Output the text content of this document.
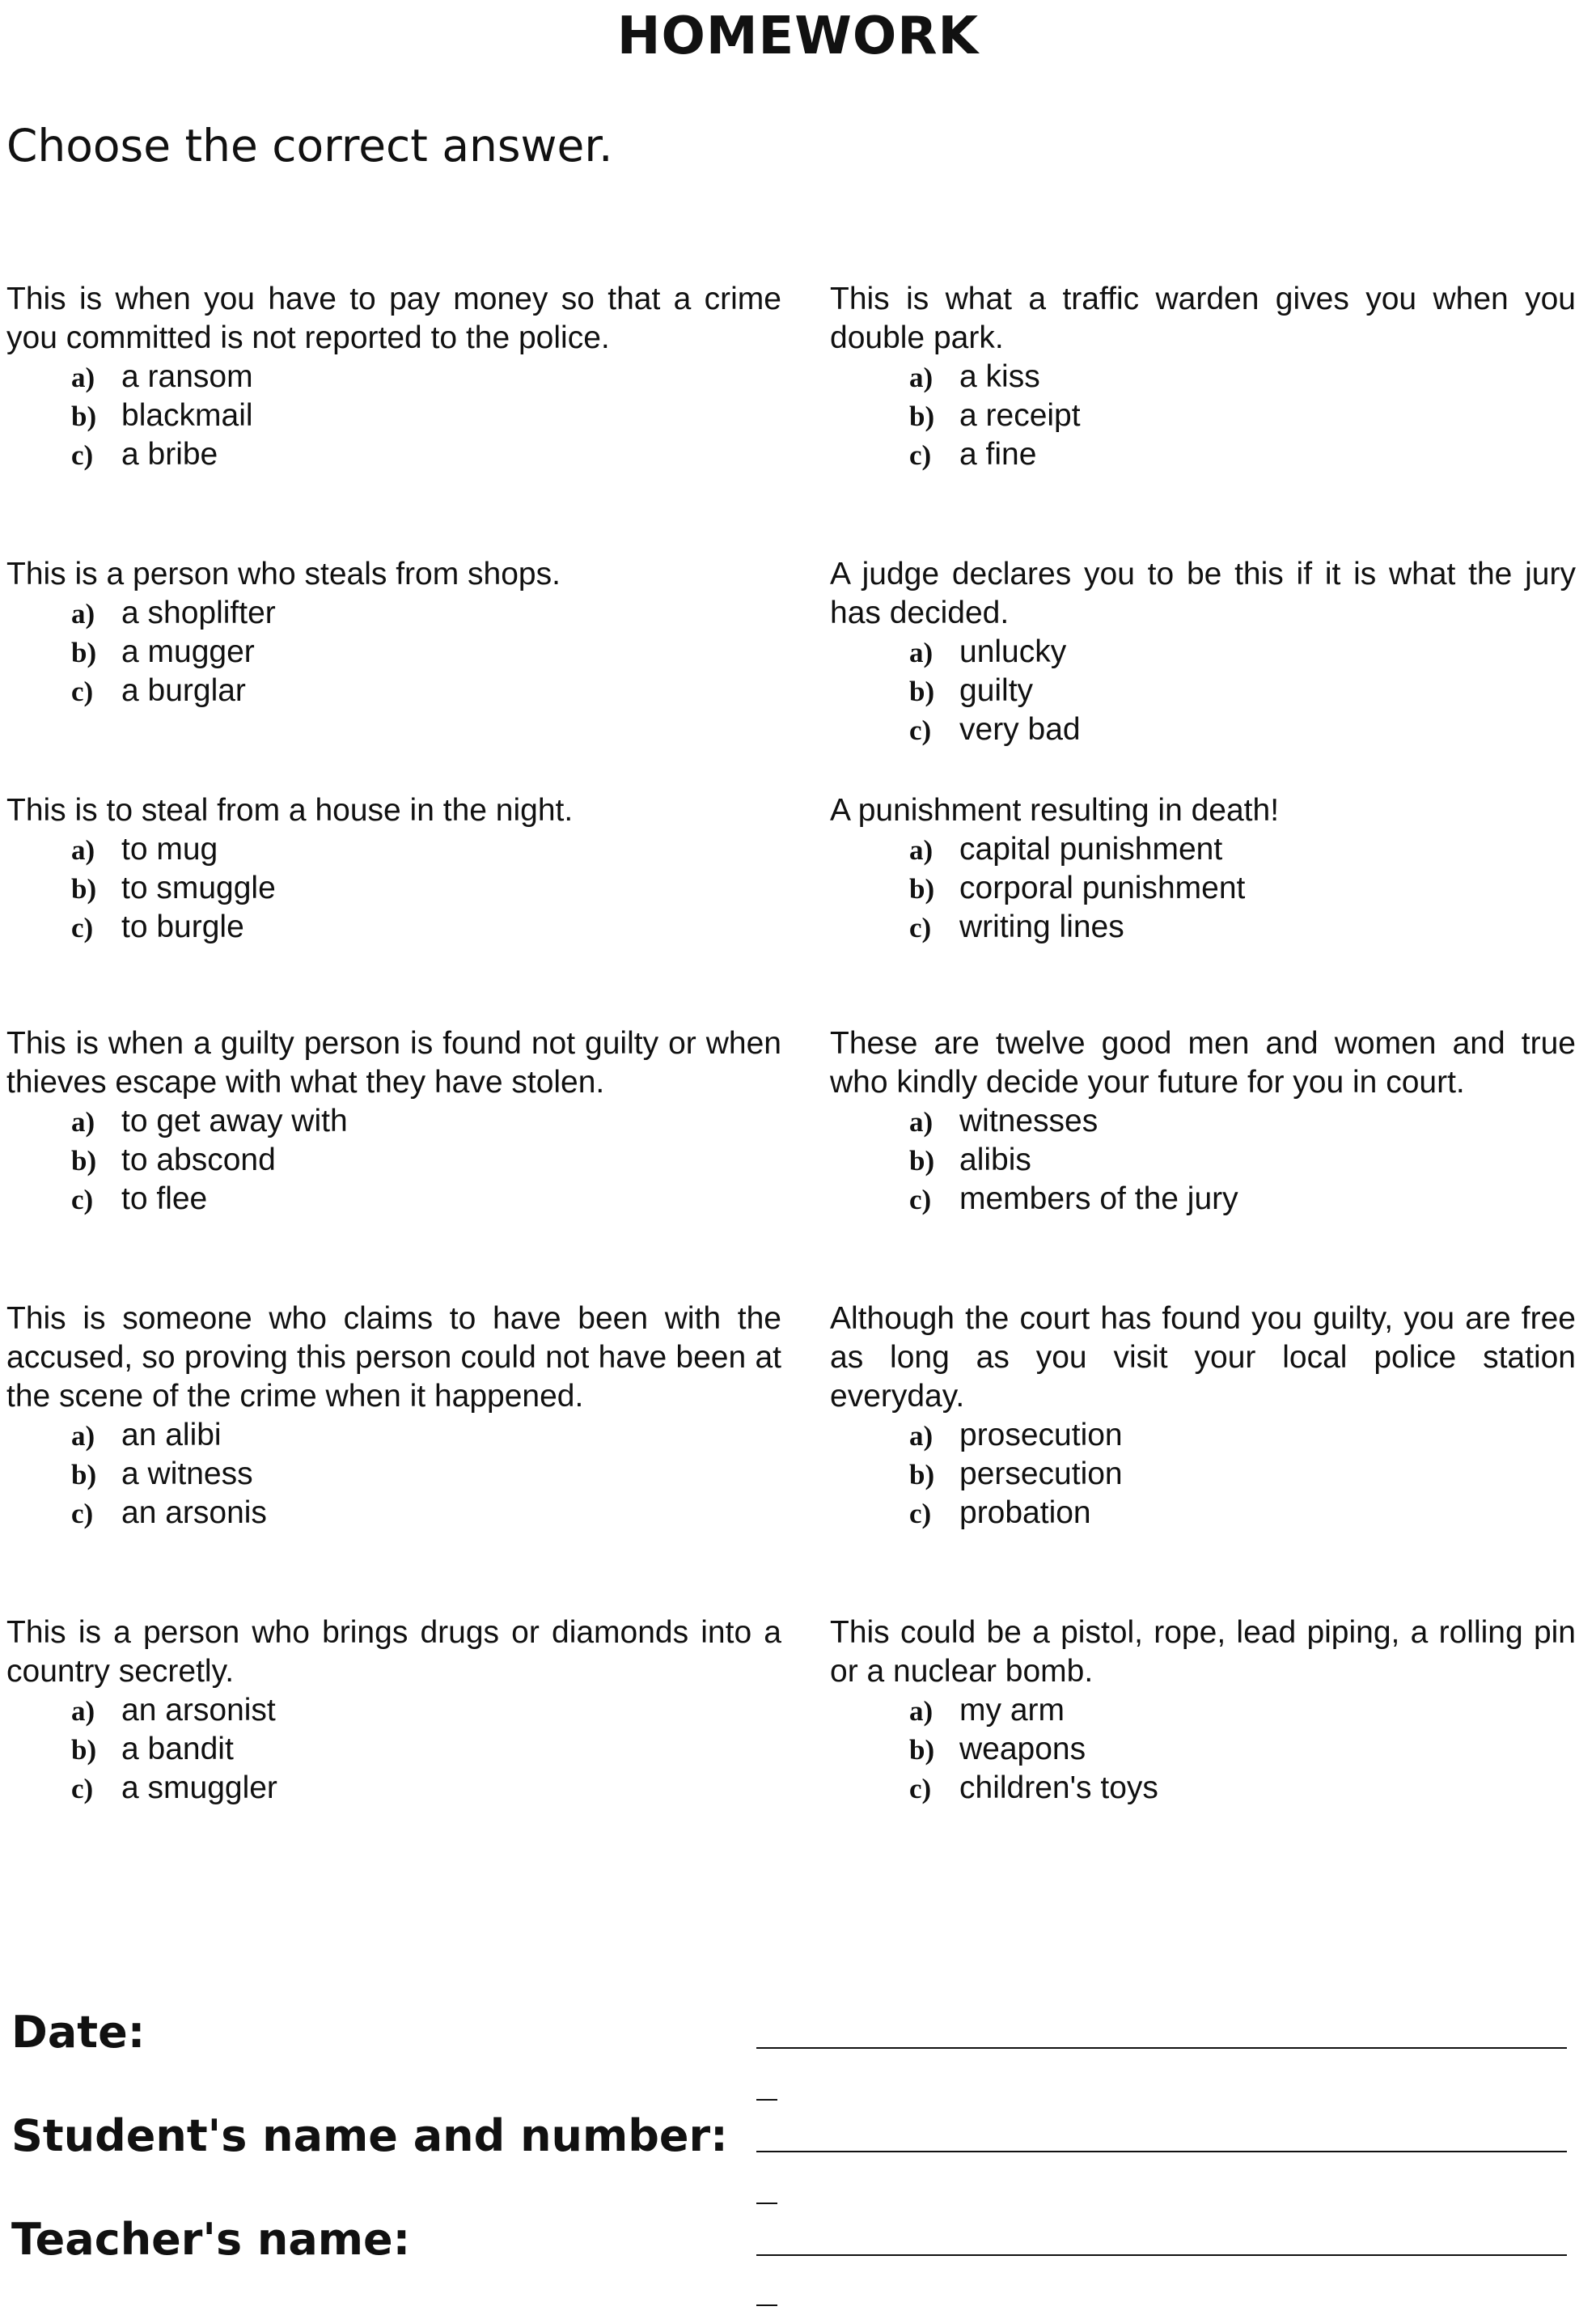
HOMEWORK
Choose the correct answer.
This is when you have to pay money so that a crime you committed is not reported to the police.
a) a ransom
b) blackmail
c) a bribe
This is what a traffic warden gives you when you double park.
a) a kiss
b) a receipt
c) a fine
This is a person who steals from shops.
a) a shoplifter
b) a mugger
c) a burglar
A judge declares you to be this if it is what the jury has decided.
a) unlucky
b) guilty
c) very bad
This is to steal from a house in the night.
a) to mug
b) to smuggle
c) to burgle
A punishment resulting in death!
a) capital punishment
b) corporal punishment
c) writing lines
This is when a guilty person is found not guilty or when thieves escape with what they have stolen.
a) to get away with
b) to abscond
c) to flee
These are twelve good men and women and true who kindly decide your future for you in court.
a) witnesses
b) alibis
c) members of the jury
This is someone who claims to have been with the accused, so proving this person could not have been at the scene of the crime when it happened.
a) an alibi
b) a witness
c) an arsonis
Although the court has found you guilty, you are free as long as you visit your local police station everyday.
a) prosecution
b) persecution
c) probation
This is a person who brings drugs or diamonds into a country secretly.
a) an arsonist
b) a bandit
c) a smuggler
This could be a pistol, rope, lead piping, a rolling pin or a nuclear bomb.
a) my arm
b) weapons
c) children's toys
Date:
Student's name and number:
Teacher's name:
